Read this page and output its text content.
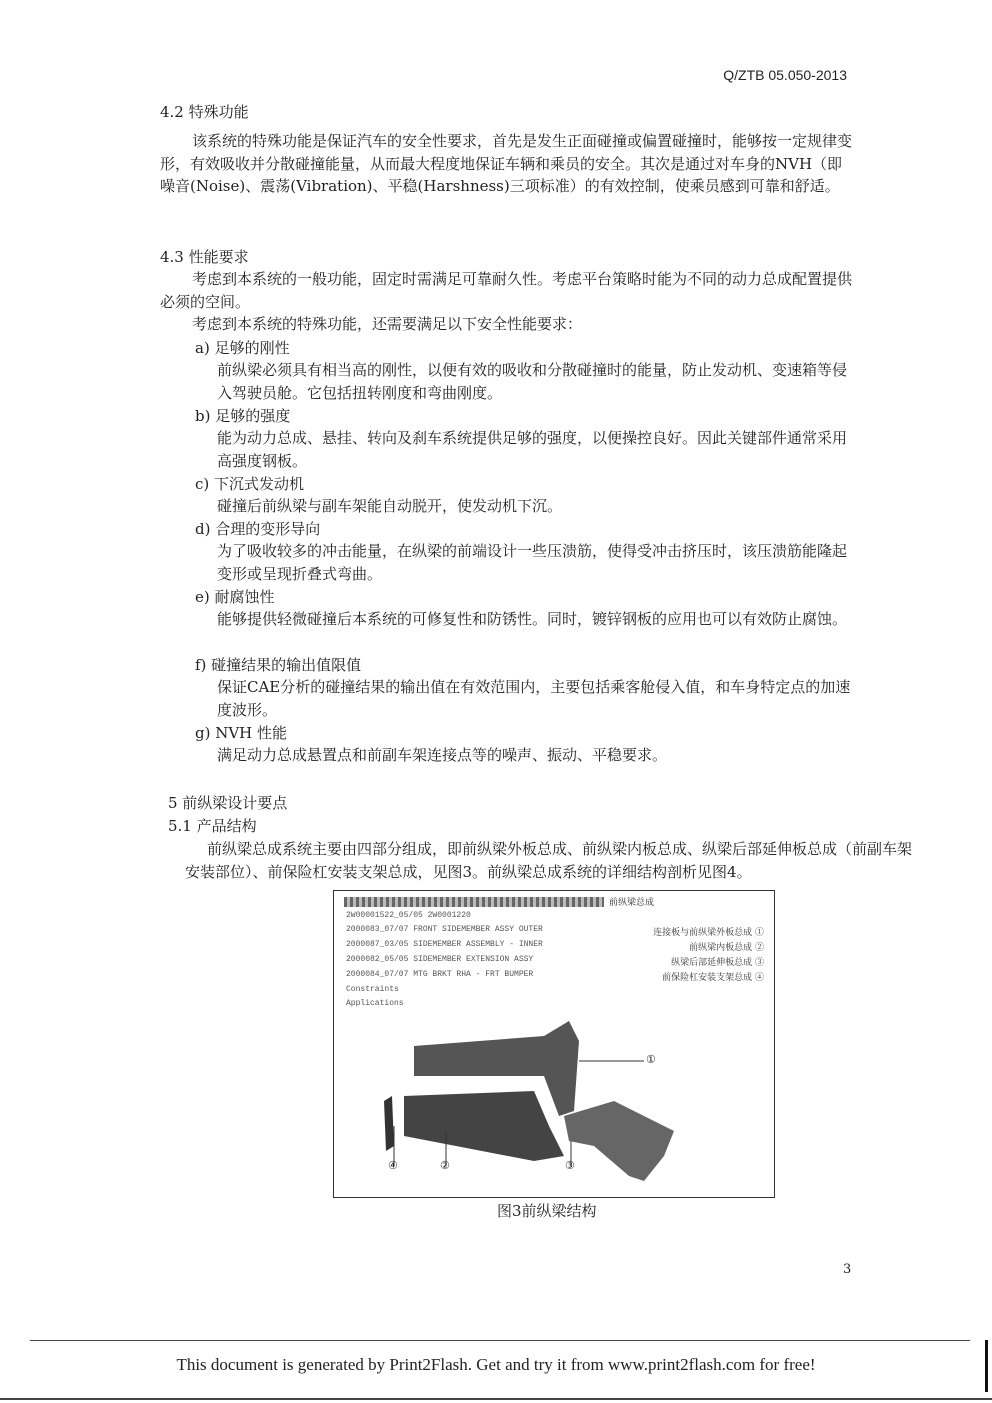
Q/ZTB 05.050-2013
4.2 特殊功能
该系统的特殊功能是保证汽车的安全性要求，首先是发生正面碰撞或偏置碰撞时，能够按一定规律变形，有效吸收并分散碰撞能量，从而最大程度地保证车辆和乘员的安全。其次是通过对车身的NVH（即噪音(Noise)、震荡(Vibration)、平稳(Harshness)三项标准）的有效控制，使乘员感到可靠和舒适。
4.3 性能要求
考虑到本系统的一般功能，固定时需满足可靠耐久性。考虑平台策略时能为不同的动力总成配置提供必须的空间。
考虑到本系统的特殊功能，还需要满足以下安全性能要求：
a) 足够的刚性
前纵梁必须具有相当高的刚性，以便有效的吸收和分散碰撞时的能量，防止发动机、变速箱等侵入驾驶员舱。它包括扭转刚度和弯曲刚度。
b) 足够的强度
能为动力总成、悬挂、转向及刹车系统提供足够的强度，以便操控良好。因此关键部件通常采用高强度钢板。
c) 下沉式发动机
碰撞后前纵梁与副车架能自动脱开，使发动机下沉。
d) 合理的变形导向
为了吸收较多的冲击能量，在纵梁的前端设计一些压溃筋，使得受冲击挤压时，该压溃筋能隆起变形或呈现折叠式弯曲。
e) 耐腐蚀性
能够提供轻微碰撞后本系统的可修复性和防锈性。同时，镀锌钢板的应用也可以有效防止腐蚀。
f) 碰撞结果的输出值限值
保证CAE分析的碰撞结果的输出值在有效范围内，主要包括乘客舱侵入值，和车身特定点的加速度波形。
g) NVH 性能
满足动力总成悬置点和前副车架连接点等的噪声、振动、平稳要求。
5 前纵梁设计要点
5.1 产品结构
前纵梁总成系统主要由四部分组成，即前纵梁外板总成、前纵梁内板总成、纵梁后部延伸板总成（前副车架安装部位）、前保险杠安装支架总成，见图3。前纵梁总成系统的详细结构剖析见图4。
前纵梁总成
2W00001522_05/05 2W0001220
2000083_07/07 FRONT SIDEMEMBER ASSY OUTER
2000087_03/05 SIDEMEMBER ASSEMBLY - INNER
2000082_05/05 SIDEMEMBER EXTENSION ASSY
2000084_07/07 MTG BRKT RHA - FRT BUMPER
Constraints
Applications
连接板与前纵梁外板总成 ①
前纵梁内板总成 ②
纵梁后部延伸板总成 ③
前保险杠安装支架总成 ④
①
②	③
④
图3前纵梁结构
3
This document is generated by Print2Flash. Get and try it from www.print2flash.com for free!
